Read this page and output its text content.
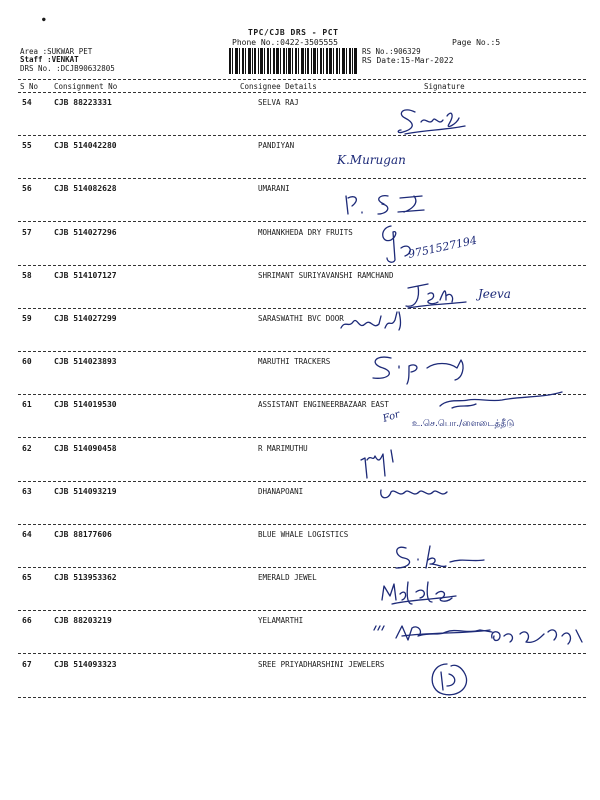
●
TPC/CJB DRS - PCT
Phone No.:0422-3505555	Page No.:5
Area :SUKWAR PET
Staff :VENKAT
DRS No. :DCJB90632805
RS No.:906329
RS Date:15-Mar-2022
S No Consignment No	Consignee Details	Signature
54	CJB 88223331	SELVA RAJ
55	CJB 514042280	PANDIYAN
56	CJB 514082628	UMARANI
57	CJB 514027296	MOHANKHEDA DRY FRUITS
58	CJB 514107127	SHRIMANT SURIYAVANSHI RAMCHAND
59	CJB 514027299	SARASWATHI BVC DOOR
60	CJB 514023893	MARUTHI TRACKERS
61	CJB 514019530	ASSISTANT ENGINEERBAZAAR EAST
62	CJB 514090458	R MARIMUTHU
63	CJB 514093219	DHANAPOANI
64	CJB 88177606	BLUE WHALE LOGISTICS
65	CJB 513953362	EMERALD JEWEL
66	CJB 88203219	YELAMARTHI
67	CJB 514093323	SREE PRIYADHARSHINI JEWELERS
K.Murugan
9751527194
Jeeva
For உ.செ.பொ./ளைடைத்தீடு
